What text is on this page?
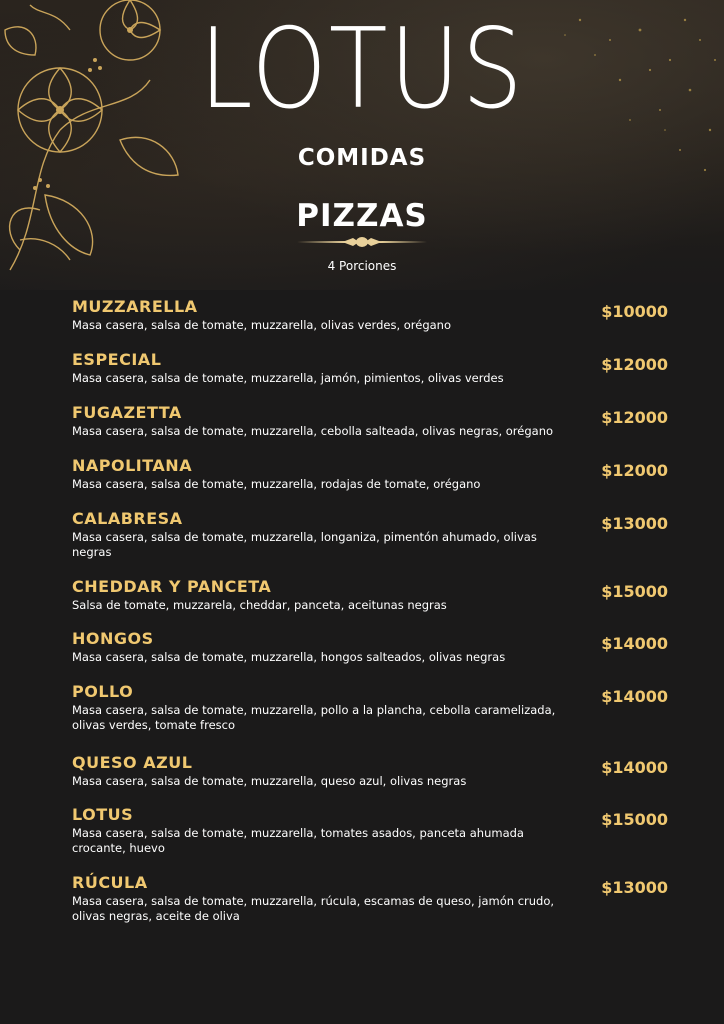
LOTUS
COMIDAS
PIZZAS
4 Porciones
MUZZARELLA
Masa casera, salsa de tomate, muzzarella, olivas verdes, orégano
$10000
ESPECIAL
Masa casera, salsa de tomate, muzzarella, jamón, pimientos, olivas verdes
$12000
FUGAZETTA
Masa casera, salsa de tomate, muzzarella, cebolla salteada, olivas negras, orégano
$12000
NAPOLITANA
Masa casera, salsa de tomate, muzzarella, rodajas de tomate, orégano
$12000
CALABRESA
Masa casera, salsa de tomate, muzzarella, longaniza, pimentón ahumado, olivas negras
$13000
CHEDDAR Y PANCETA
Salsa de tomate, muzzarela, cheddar, panceta, aceitunas negras
$15000
HONGOS
Masa casera, salsa de tomate, muzzarella, hongos salteados, olivas negras
$14000
POLLO
Masa casera, salsa de tomate, muzzarella, pollo a la plancha, cebolla caramelizada, olivas verdes, tomate fresco
$14000
QUESO AZUL
Masa casera, salsa de tomate, muzzarella, queso azul, olivas negras
$14000
LOTUS
Masa casera, salsa de tomate, muzzarella, tomates asados, panceta ahumada crocante, huevo
$15000
RÚCULA
Masa casera, salsa de tomate, muzzarella, rúcula, escamas de queso, jamón crudo, olivas negras, aceite de oliva
$13000
